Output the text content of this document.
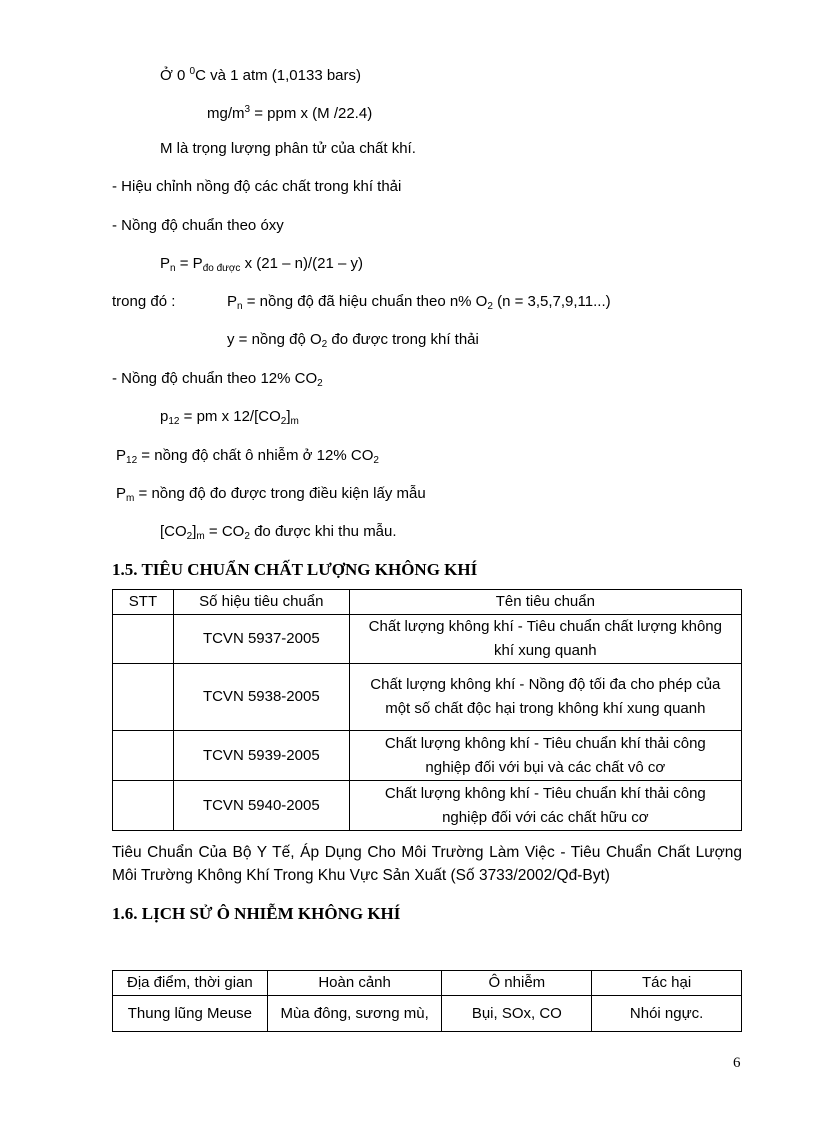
Ở 0 $^0$C và 1 atm (1,0133 bars)
$mg/m^3$ = ppm x (M /22.4)
M là trọng lượng phân tử của chất khí.
- Hiệu chỉnh nồng độ các chất trong khí thải
- Nồng độ chuẩn theo óxy
$P_n = P_{đo được}$ x (21 – n)/(21 – y)
trong đó :	$P_n$ = nồng độ đã hiệu chuẩn theo n% $O_2$ (n = 3,5,7,9,11...)
y = nồng độ $O_2$ đo được trong khí thải
- Nồng độ chuẩn theo 12% $CO_2$
$p_{12}$ = pm x $12/[CO_2]_m$
$P_{12}$ = nồng độ chất ô nhiễm ở 12% $CO_2$
$P_m$ = nồng độ đo được trong điều kiện lấy mẫu
$[CO_2]_m = CO_2$ đo được khi thu mẫu.
1.5. TIÊU CHUẨN CHẤT LƯỢNG KHÔNG KHÍ
STT	Số hiệu tiêu chuẩn	Tên tiêu chuẩn
	TCVN 5937-2005	Chất lượng không khí - Tiêu chuẩn chất lượng không
khí xung quanh

	TCVN 5938-2005	Chất lượng không khí - Nồng độ tối đa cho phép của
một số chất độc hại trong không khí xung quanh

	TCVN 5939-2005	Chất lượng không khí - Tiêu chuẩn khí thải công
nghiệp đối với bụi và các chất vô cơ

	TCVN 5940-2005	Chất lượng không khí - Tiêu chuẩn khí thải công
nghiệp đối với các chất hữu cơ
Tiêu Chuẩn Của Bộ Y Tế, Áp Dụng Cho Môi Trường Làm Việc - Tiêu Chuẩn Chất Lượng Môi Trường Không Khí Trong Khu Vực Sản Xuất (Số 3733/2002/Qđ-Byt)
1.6. LỊCH SỬ Ô NHIỄM KHÔNG KHÍ
Địa điểm, thời gian	Hoàn cảnh	Ô nhiễm	Tác hại
Thung lũng Meuse	Mùa đông, sương mù,	Bụi, SOx, CO	Nhói ngực.
6
